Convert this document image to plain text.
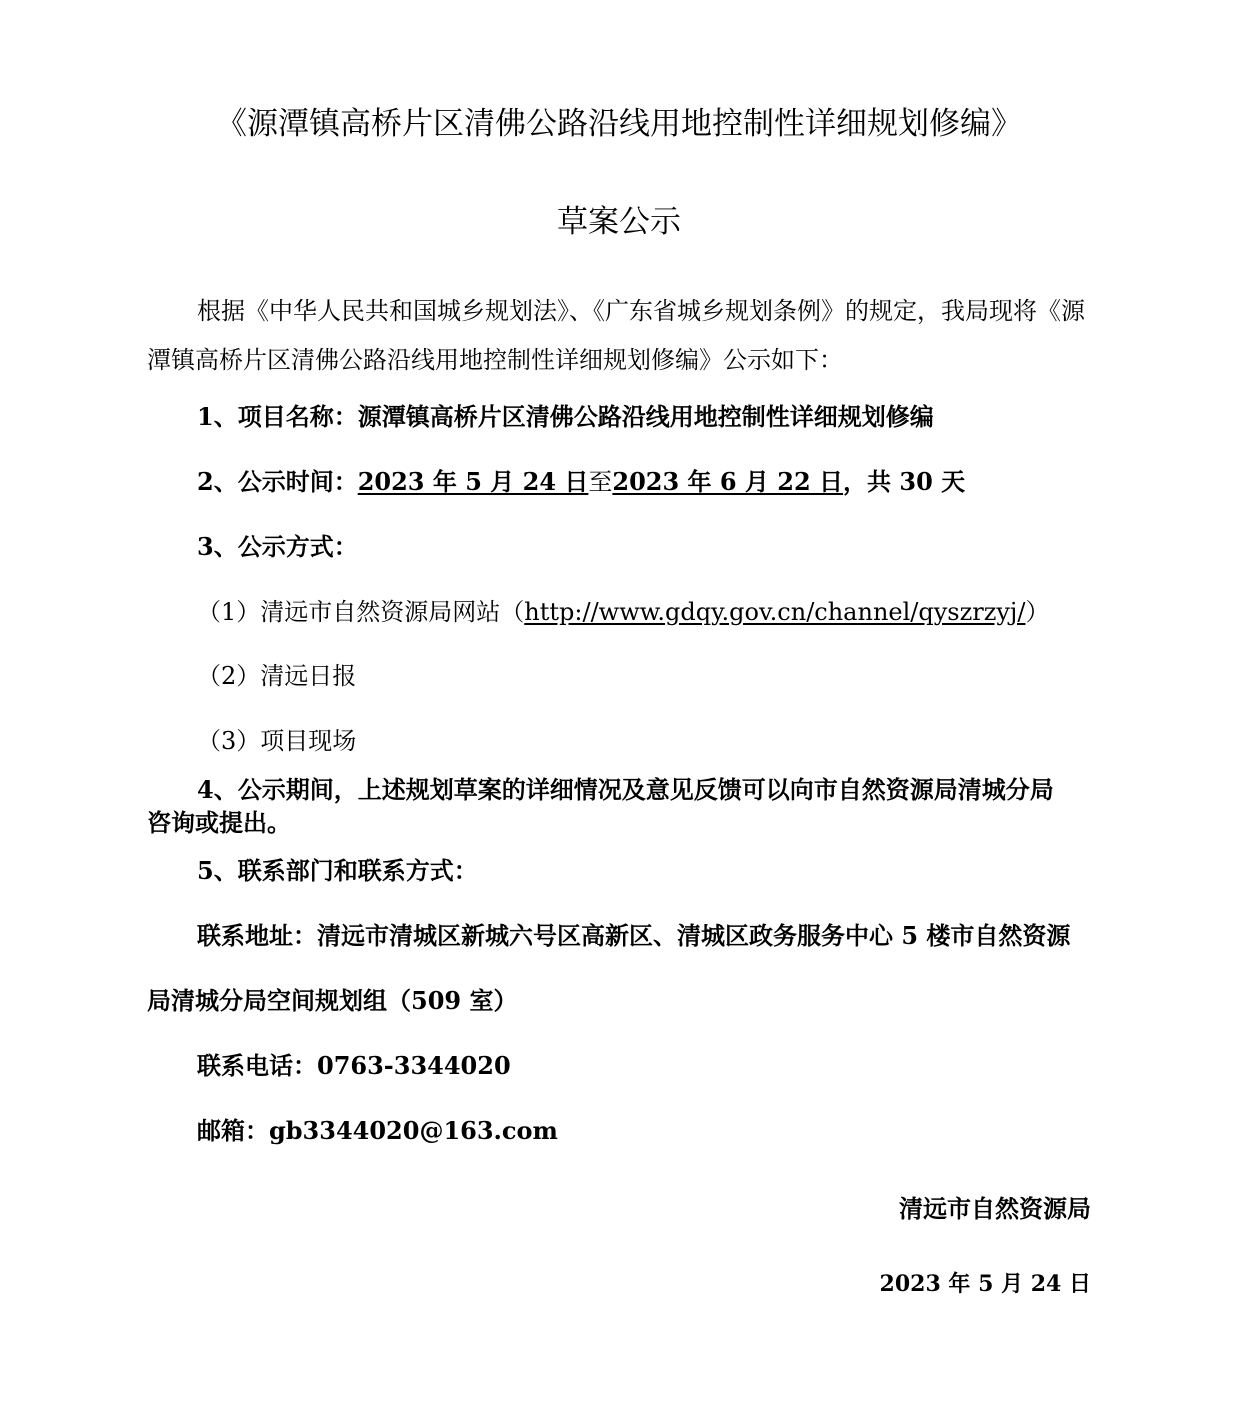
《源潭镇高桥片区清佛公路沿线用地控制性详细规划修编》
草案公示
根据《中华人民共和国城乡规划法》、《广东省城乡规划条例》的规定，我局现将《源
潭镇高桥片区清佛公路沿线用地控制性详细规划修编》公示如下：
1、项目名称：源潭镇高桥片区清佛公路沿线用地控制性详细规划修编
2、公示时间：2023 年 5 月 24 日至2023 年 6 月 22 日，共 30 天
3、公示方式：
（1）清远市自然资源局网站（http://www.gdqy.gov.cn/channel/qyszrzyj/）
（2）清远日报
（3）项目现场
4、公示期间，上述规划草案的详细情况及意见反馈可以向市自然资源局清城分局
咨询或提出。
5、联系部门和联系方式：
联系地址：清远市清城区新城六号区高新区、清城区政务服务中心 5 楼市自然资源
局清城分局空间规划组（509 室）
联系电话：0763-3344020
邮箱：gb3344020@163.com
清远市自然资源局
2023 年 5 月 24 日
